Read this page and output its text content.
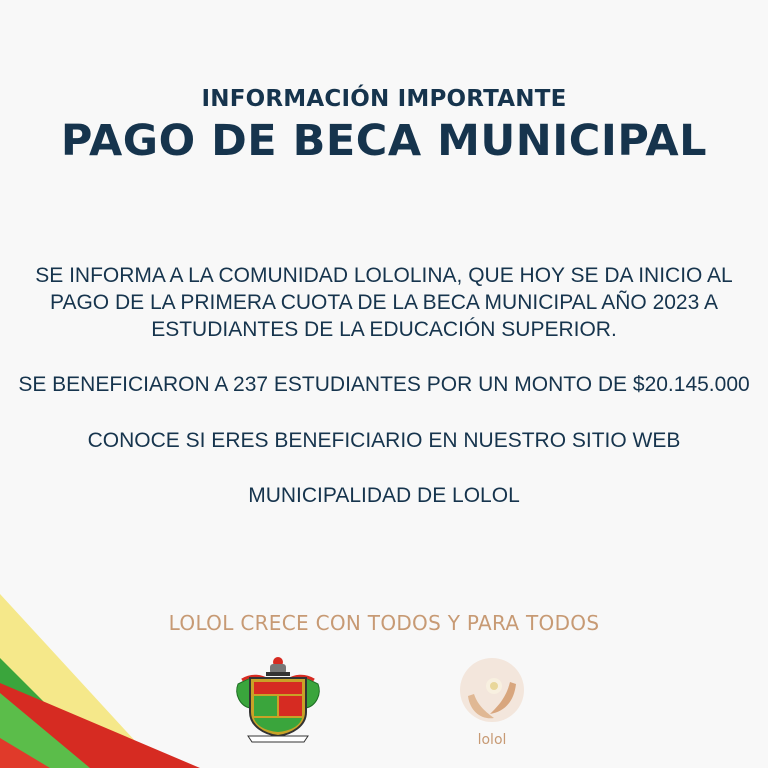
INFORMACIÓN IMPORTANTE
PAGO DE BECA MUNICIPAL
SE INFORMA A LA COMUNIDAD LOLOLINA, QUE HOY SE DA INICIO AL
PAGO DE LA PRIMERA CUOTA DE LA BECA MUNICIPAL AÑO 2023 A
ESTUDIANTES DE LA EDUCACIÓN SUPERIOR.
SE BENEFICIARON A 237 ESTUDIANTES POR UN MONTO DE $20.145.000
CONOCE SI ERES BENEFICIARIO EN NUESTRO SITIO WEB
MUNICIPALIDAD DE LOLOL
LOLOL CRECE CON TODOS Y PARA TODOS
lolol
